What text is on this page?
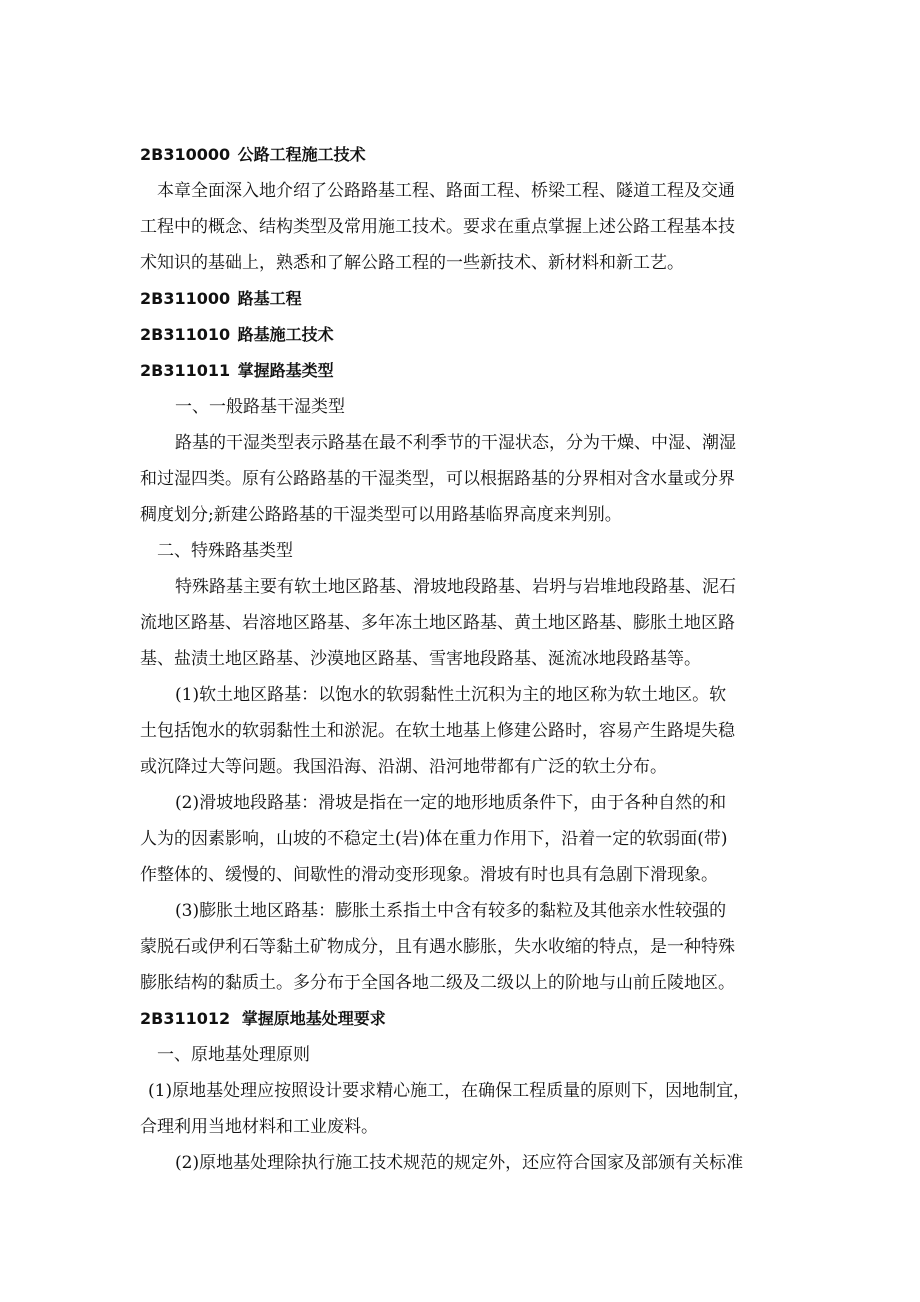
2B310000 公路工程施工技术
本章全面深入地介绍了公路路基工程、路面工程、桥梁工程、隧道工程及交通
工程中的概念、结构类型及常用施工技术。要求在重点掌握上述公路工程基本技
术知识的基础上，熟悉和了解公路工程的一些新技术、新材料和新工艺。
2B311000 路基工程
2B311010 路基施工技术
2B311011 掌握路基类型
一、一般路基干湿类型
路基的干湿类型表示路基在最不利季节的干湿状态，分为干燥、中湿、潮湿
和过湿四类。原有公路路基的干湿类型，可以根据路基的分界相对含水量或分界
稠度划分;新建公路路基的干湿类型可以用路基临界高度来判别。
二、特殊路基类型
特殊路基主要有软土地区路基、滑坡地段路基、岩坍与岩堆地段路基、泥石
流地区路基、岩溶地区路基、多年冻土地区路基、黄土地区路基、膨胀土地区路
基、盐渍土地区路基、沙漠地区路基、雪害地段路基、涎流冰地段路基等。
(1)软土地区路基：以饱水的软弱黏性土沉积为主的地区称为软土地区。软
土包括饱水的软弱黏性土和淤泥。在软土地基上修建公路时，容易产生路堤失稳
或沉降过大等问题。我国沿海、沿湖、沿河地带都有广泛的软土分布。
(2)滑坡地段路基：滑坡是指在一定的地形地质条件下，由于各种自然的和
人为的因素影响，山坡的不稳定土(岩)体在重力作用下，沿着一定的软弱面(带)
作整体的、缓慢的、间歇性的滑动变形现象。滑坡有时也具有急剧下滑现象。
(3)膨胀土地区路基：膨胀土系指土中含有较多的黏粒及其他亲水性较强的
蒙脱石或伊利石等黏土矿物成分，且有遇水膨胀，失水收缩的特点，是一种特殊
膨胀结构的黏质土。多分布于全国各地二级及二级以上的阶地与山前丘陵地区。
2B311012 掌握原地基处理要求
一、原地基处理原则
(1)原地基处理应按照设计要求精心施工，在确保工程质量的原则下，因地制宜，
合理利用当地材料和工业废料。
(2)原地基处理除执行施工技术规范的规定外，还应符合国家及部颁有关标准
